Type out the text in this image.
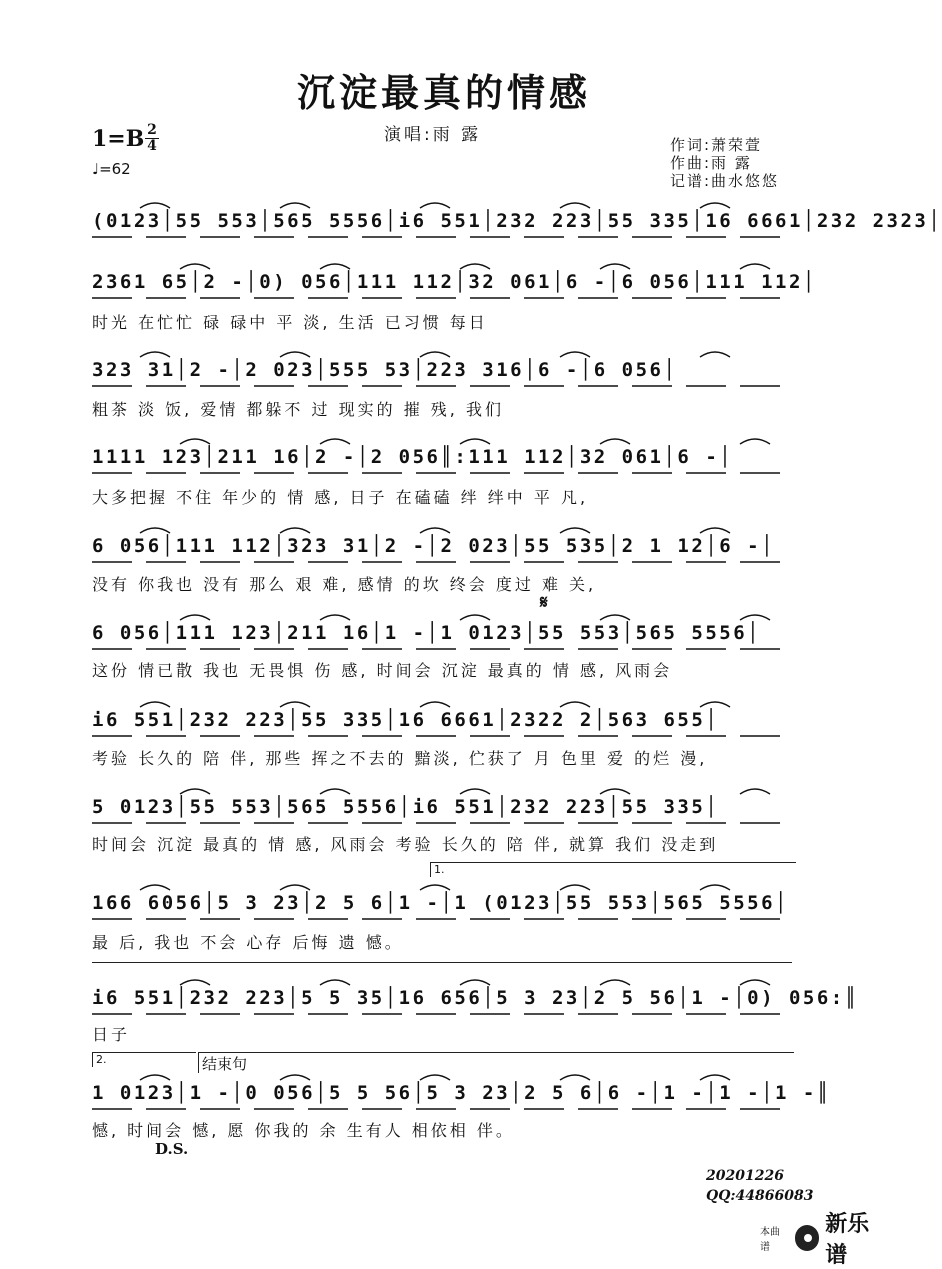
沉淀最真的情感
演唱:雨 露	作词:萧荣萱
作曲:雨 露
记谱:曲水悠悠
1=B 2
4
♩=62
(0123│55 553│565 5556│i6 551│232 223│55 335│16 6661│232 2323│
2361 65│2 -│0) 056│111 112│32 061│6 -│6 056│111 112│
时光 在忙忙 碌 碌中 平 淡, 生活 已习惯 每日
323 31│2 -│2 023│555 53│223 316│6 -│6 056│
粗茶 淡 饭, 爱情 都躲不 过 现实的 摧 残, 我们
1111 123│211 16│2 -│2 056║:111 112│32 061│6 -│
大多把握 不住 年少的 情 感, 日子 在磕磕 绊 绊中 平 凡,
6 056│111 112│323 31│2 -│2 023│55 535│2 1 12│6 -│
没有 你我也 没有 那么 艰 难, 感情 的坎 终会 度过 难 关,
𝄋
6 056│111 123│211 16│1 -│1 0123│55 553│565 5556│
这份 情已散 我也 无畏惧 伤 感, 时间会 沉淀 最真的 情 感, 风雨会
i6 551│232 223│55 335│16 6661│2322 2│563 655│
考验 长久的 陪 伴, 那些 挥之不去的 黯淡, 伫获了 月 色里 爱 的烂 漫,
5 0123│55 553│565 5556│i6 551│232 223│55 335│
时间会 沉淀 最真的 情 感, 风雨会 考验 长久的 陪 伴, 就算 我们 没走到
1.
166 6056│5 3 23│2 5 6│1 -│1 (0123│55 553│565 5556│
最 后, 我也 不会 心存 后悔 遗 憾。
i6 551│232 223│5 5 35│16 656│5 3 23│2 5 56│1 -│0) 056:║
日子
2.	结束句
1 0123│1 -│0 056│5 5 56│5 3 23│2 5 6│6 -│1 -│1 -│1 -║
憾, 时间会 憾, 愿 你我的 余 生有人 相依相 伴。
D.S.
20201226
QQ:44866083
本曲谱
新乐谱
